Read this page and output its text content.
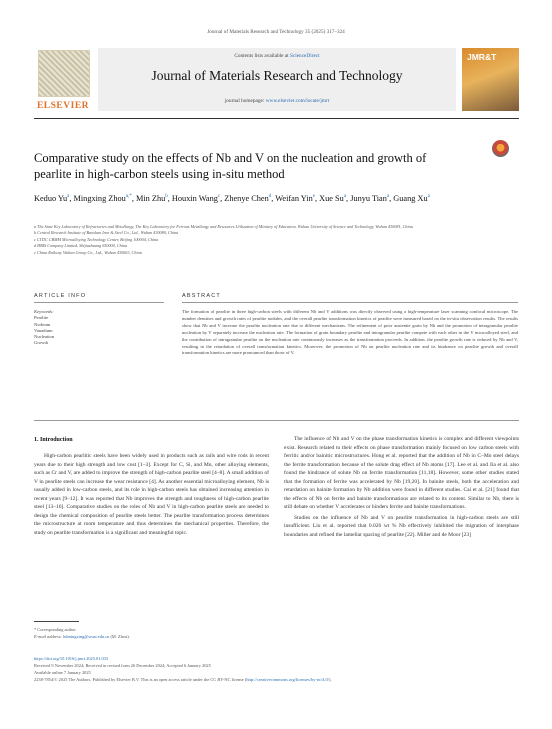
Journal of Materials Research and Technology 35 (2025) 317–324
ELSEVIER
Contents lists available at ScienceDirect
Journal of Materials Research and Technology
journal homepage: www.elsevier.com/locate/jmrt
JMR&T
Comparative study on the effects of Nb and V on the nucleation and growth of pearlite in high-carbon steels using in-situ method
Keduo Yu$^a$, Mingxing Zhou$^{a,*}$, Min Zhu$^b$, Houxin Wang$^c$, Zhenye Chen$^d$, Weifan Yin$^e$, Xue Su$^a$, Junyu Tian$^a$, Guang Xu$^a$

a The State Key Laboratory of Refractories and Metallurgy, The Key Laboratory for Ferrous Metallurgy and Resources Utilization of Ministry of Education, Wuhan University of Science and Technology, Wuhan 430081, China

b Central Research Institute of Baoshan Iron & Steel Co., Ltd., Wuhan 430080, China

c CITIC CBMM Microalloying Technology Center, Beijing 100004, China

d HBIS Company Limited, Shijiazhuang 050000, China

e China Railway Wuhan Group Co., Ltd., Wuhan 430063, China

ARTICLE INFO	ABSTRACT
Keywords:
Pearlite
Niobium
Vanadium
Nucleation
Growth
The formation of pearlite in three high-carbon steels with different Nb and V additions was directly observed using a high-temperature laser scanning confocal microscope. The number densities and growth rates of pearlite nodules, and the overall pearlite transformation kinetics of pearlite were measured based on the in-situ observation results. The results show that Nb and V increase the pearlite nucleation rate due to different mechanisms. The refinement of prior austenite grain by Nb and the promotion of intragranular pearlite nucleation by V separately increase the nucleation rate. The formation of grain boundary pearlite and intragranular pearlite compete with each other in the V microalloyed steel, and the contribution of intragranular pearlite on the nucleation rate continuously increases as the transformation proceeds. In addition, the pearlite growth rate is reduced by Nb and V, resulting in the retardation of overall transformation kinetics. Moreover, the promotion of Nb on pearlite nucleation rate and its hindrance on pearlite growth and overall transformation kinetics are more pronounced than those of V.
1. Introduction

High-carbon pearlitic steels have been widely used in products such as rails and wire rods in recent years due to their high strength and low cost [1–3]. Except for C, Si, and Mn, other alloying elements, such as Cr and V, are added to improve the strength of high-carbon pearlite steel [4–8]. A small addition of V in pearlite steels can increase the wear resistance [4]. As another essential microalloying element, Nb is usually added in low-carbon steels, and its role in high-carbon steels has obtained increasing attention in recent years [9–12]. It was reported that Nb improves the strength and toughness of high-carbon pearlite steel [13–16]. Comparative studies on the roles of Nb and V in high-carbon pearlite steels are needed to design the chemical composition of pearlite steels better. The pearlite transformation process determines the microstructure at room temperature and thus determines the mechanical properties. Therefore, the study on pearlite transformation is a significant and meaningful topic.

The influence of Nb and V on the phase transformation kinetics is complex and different viewpoints exist. Research related to their effects on phase transformation mainly focused on low carbon steels with ferritic and/or bainitic microstructures. Hong et al. reported that the addition of Nb in C–Mn steel delays the ferrite transformation because of the solute drag effect of Nb atoms [17]. Lee et al. and Jia et al. also found the hindrance of solute Nb on ferrite transformation [11,18]. However, some other studies stated that the formation of ferrite was accelerated by Nb [19,20]. In bainite steels, both the acceleration and retardation on bainite formation by Nb addition were found in different studies. Cai et al. [21] found that the effects of Nb on ferrite and bainite transformations are related to its content. Similar to Nb, there is still debate on whether V accelerates or hinders ferrite and bainite transformations.

Studies on the influence of Nb and V on pearlite transformation in high-carbon steels are still insufficient. Liu et al. reported that 0.026 wt % Nb effectively inhibited the migration of interphase boundaries and refined the lamellar spacing of pearlite [22]. Miller and de Moor [23]

* Corresponding author.
E-mail address: hdmingxing@wust.edu.cn (M. Zhou).
https://doi.org/10.1016/j.jmrt.2025.01.033
Received 9 November 2024; Received in revised form 26 December 2024; Accepted 6 January 2025
Available online 7 January 2025
2238-7854/© 2025 The Authors. Published by Elsevier B.V. This is an open access article under the CC BY-NC license (http://creativecommons.org/licenses/by-nc/4.0/).
